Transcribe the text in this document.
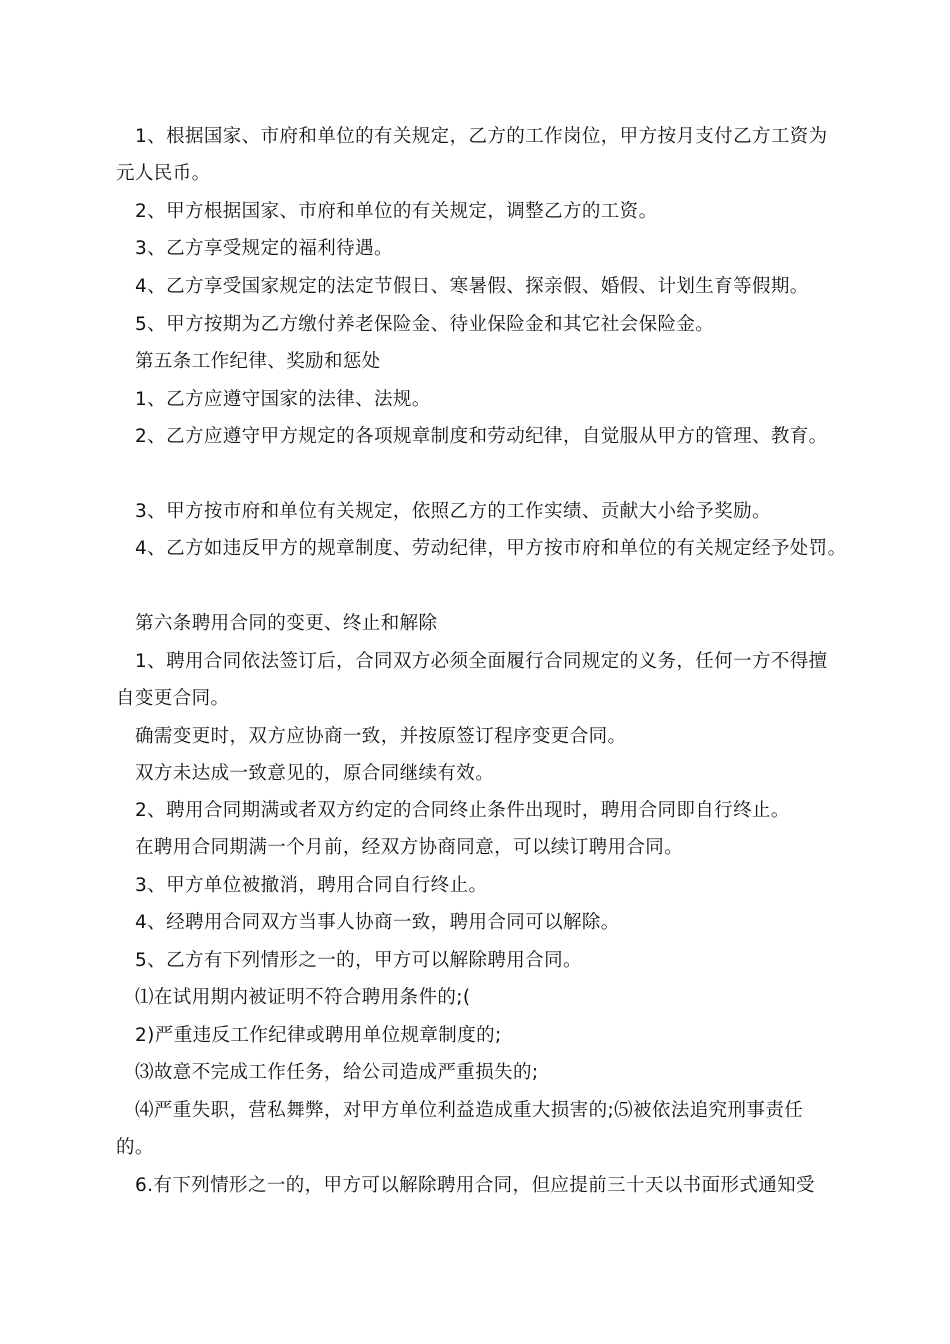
1、根据国家、市府和单位的有关规定，乙方的工作岗位，甲方按月支付乙方工资为
元人民币。
2、甲方根据国家、市府和单位的有关规定，调整乙方的工资。
3、乙方享受规定的福利待遇。
4、乙方享受国家规定的法定节假日、寒暑假、探亲假、婚假、计划生育等假期。
5、甲方按期为乙方缴付养老保险金、待业保险金和其它社会保险金。
第五条工作纪律、奖励和惩处
1、乙方应遵守国家的法律、法规。
2、乙方应遵守甲方规定的各项规章制度和劳动纪律，自觉服从甲方的管理、教育。
3、甲方按市府和单位有关规定，依照乙方的工作实绩、贡献大小给予奖励。
4、乙方如违反甲方的规章制度、劳动纪律，甲方按市府和单位的有关规定经予处罚。
第六条聘用合同的变更、终止和解除
1、聘用合同依法签订后，合同双方必须全面履行合同规定的义务，任何一方不得擅
自变更合同。
确需变更时，双方应协商一致，并按原签订程序变更合同。
双方未达成一致意见的，原合同继续有效。
2、聘用合同期满或者双方约定的合同终止条件出现时，聘用合同即自行终止。
在聘用合同期满一个月前，经双方协商同意，可以续订聘用合同。
3、甲方单位被撤消，聘用合同自行终止。
4、经聘用合同双方当事人协商一致，聘用合同可以解除。
5、乙方有下列情形之一的，甲方可以解除聘用合同。
⑴在试用期内被证明不符合聘用条件的;(
2)严重违反工作纪律或聘用单位规章制度的;
⑶故意不完成工作任务，给公司造成严重损失的;
⑷严重失职，营私舞弊，对甲方单位利益造成重大损害的;⑸被依法追究刑事责任
的。
6.有下列情形之一的，甲方可以解除聘用合同，但应提前三十天以书面形式通知受
